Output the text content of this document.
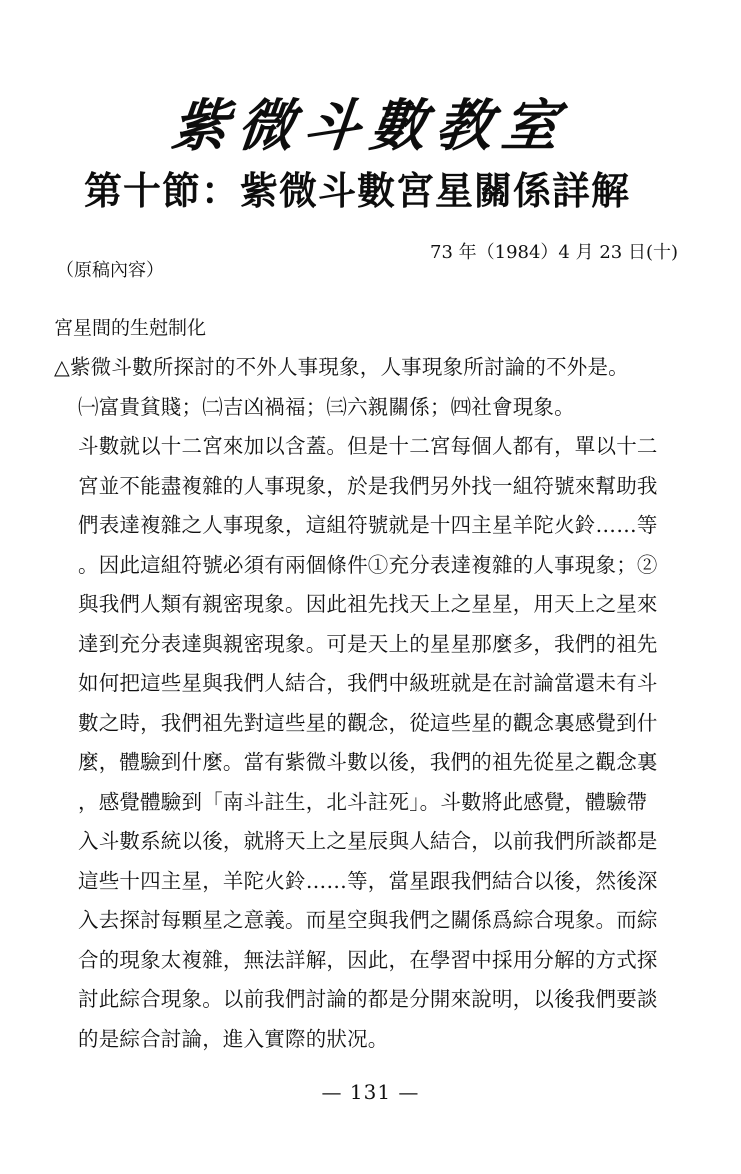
紫微斗數教室
第十節：紫微斗數宮星關係詳解
（原稿內容）
73 年（1984）4 月 23 日(十)
宮星間的生尅制化
△紫微斗數所探討的不外人事現象，人事現象所討論的不外是。
㈠富貴貧賤；㈡吉凶禍福；㈢六親關係；㈣社會現象。
斗數就以十二宮來加以含蓋。但是十二宮每個人都有，單以十二
宮並不能盡複雜的人事現象，於是我們另外找一組符號來幫助我
們表達複雜之人事現象，這組符號就是十四主星羊陀火鈴……等
。因此這組符號必須有兩個條件①充分表達複雜的人事現象；②
與我們人類有親密現象。因此祖先找天上之星星，用天上之星來
達到充分表達與親密現象。可是天上的星星那麼多，我們的祖先
如何把這些星與我們人結合，我們中級班就是在討論當還未有斗
數之時，我們祖先對這些星的觀念，從這些星的觀念裏感覺到什
麼，體驗到什麼。當有紫微斗數以後，我們的祖先從星之觀念裏
，感覺體驗到「南斗註生，北斗註死」。斗數將此感覺，體驗帶
入斗數系統以後，就將天上之星辰與人結合，以前我們所談都是
這些十四主星，羊陀火鈴……等，當星跟我們結合以後，然後深
入去探討每顆星之意義。而星空與我們之關係爲綜合現象。而綜
合的現象太複雜，無法詳解，因此，在學習中採用分解的方式探
討此綜合現象。以前我們討論的都是分開來說明，以後我們要談
的是綜合討論，進入實際的狀况。
— 131 —
